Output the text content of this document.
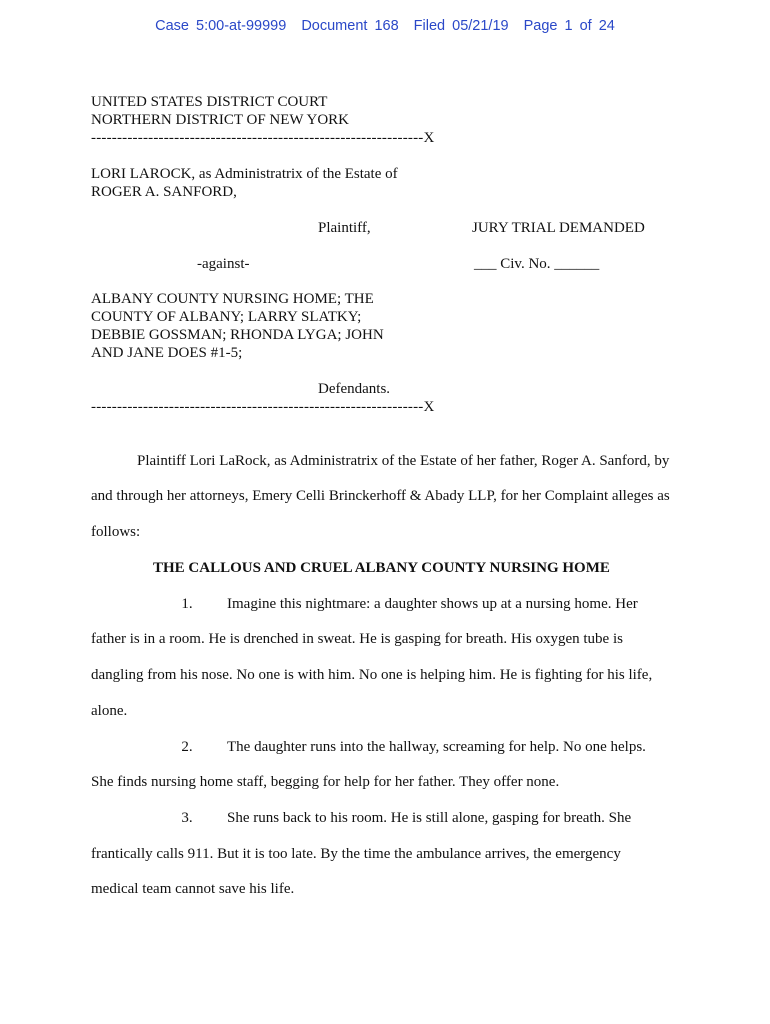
Case 5:00-at-99999 Document 168 Filed 05/21/19 Page 1 of 24
UNITED STATES DISTRICT COURT
NORTHERN DISTRICT OF NEW YORK
----------------------------------------------------------------X
LORI LAROCK, as Administratrix of the Estate of
ROGER A. SANFORD,
Plaintiff,	JURY TRIAL DEMANDED
-against-	___ Civ. No. ______
ALBANY COUNTY NURSING HOME; THE
COUNTY OF ALBANY; LARRY SLATKY;
DEBBIE GOSSMAN; RHONDA LYGA; JOHN
AND JANE DOES #1-5;
Defendants.
----------------------------------------------------------------X
Plaintiff Lori LaRock, as Administratrix of the Estate of her father, Roger A. Sanford, by
and through her attorneys, Emery Celli Brinckerhoff & Abady LLP, for her Complaint alleges as
follows:
THE CALLOUS AND CRUEL ALBANY COUNTY NURSING HOME
1.	Imagine this nightmare: a daughter shows up at a nursing home. Her
father is in a room. He is drenched in sweat. He is gasping for breath. His oxygen tube is
dangling from his nose. No one is with him. No one is helping him. He is fighting for his life,
alone.
2.	The daughter runs into the hallway, screaming for help. No one helps.
She finds nursing home staff, begging for help for her father. They offer none.
3.	She runs back to his room. He is still alone, gasping for breath. She
frantically calls 911. But it is too late. By the time the ambulance arrives, the emergency
medical team cannot save his life.
